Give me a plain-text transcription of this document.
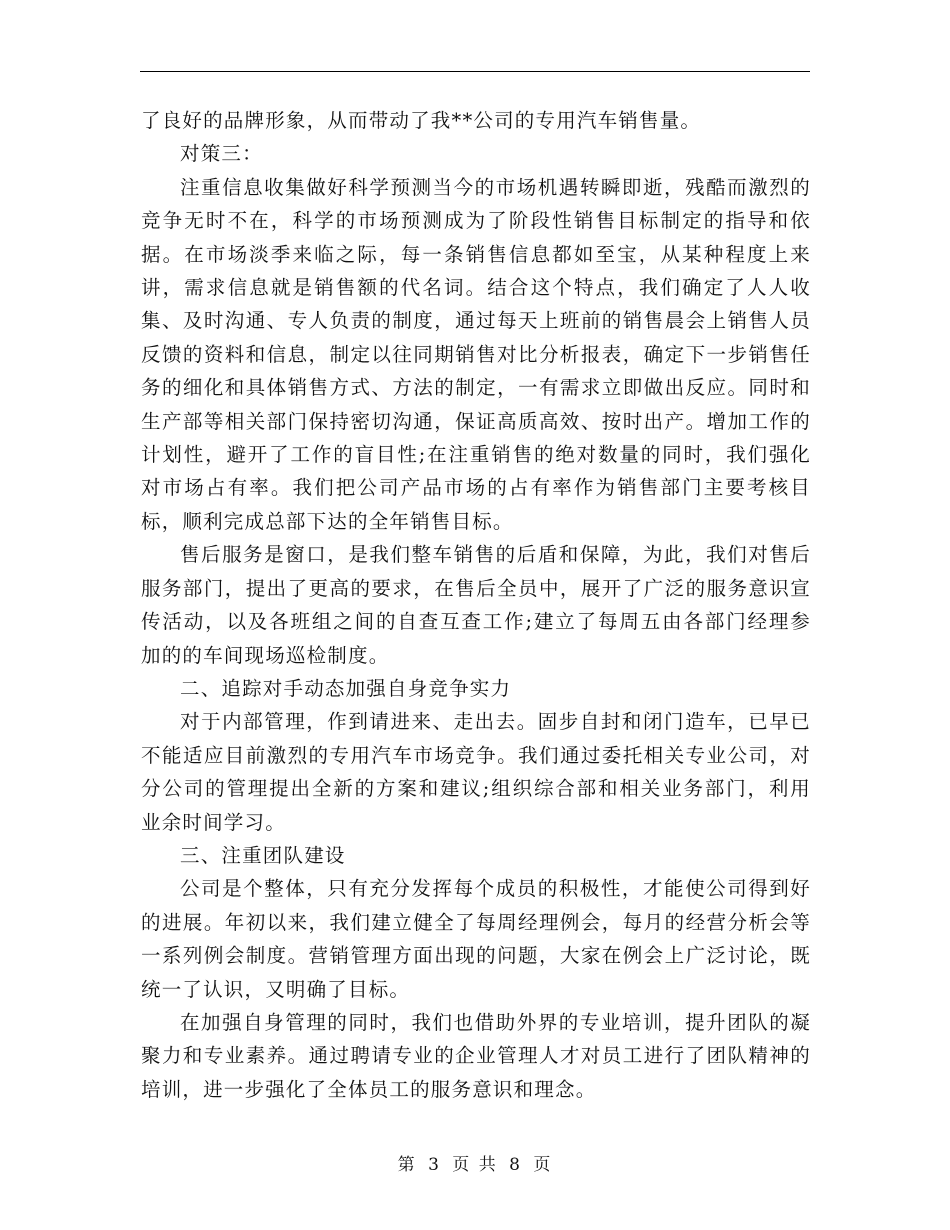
了良好的品牌形象，从而带动了我**公司的专用汽车销售量。

对策三：

注重信息收集做好科学预测当今的市场机遇转瞬即逝，残酷而激烈的竞争无时不在，科学的市场预测成为了阶段性销售目标制定的指导和依据。在市场淡季来临之际，每一条销售信息都如至宝，从某种程度上来讲，需求信息就是销售额的代名词。结合这个特点，我们确定了人人收集、及时沟通、专人负责的制度，通过每天上班前的销售晨会上销售人员反馈的资料和信息，制定以往同期销售对比分析报表，确定下一步销售任务的细化和具体销售方式、方法的制定，一有需求立即做出反应。同时和生产部等相关部门保持密切沟通，保证高质高效、按时出产。增加工作的计划性，避开了工作的盲目性;在注重销售的绝对数量的同时，我们强化对市场占有率。我们把公司产品市场的占有率作为销售部门主要考核目标，顺利完成总部下达的全年销售目标。

售后服务是窗口，是我们整车销售的后盾和保障，为此，我们对售后服务部门，提出了更高的要求，在售后全员中，展开了广泛的服务意识宣传活动，以及各班组之间的自查互查工作;建立了每周五由各部门经理参加的的车间现场巡检制度。

二、追踪对手动态加强自身竞争实力

对于内部管理，作到请进来、走出去。固步自封和闭门造车，已早已不能适应目前激烈的专用汽车市场竞争。我们通过委托相关专业公司，对分公司的管理提出全新的方案和建议;组织综合部和相关业务部门，利用业余时间学习。

三、注重团队建设

公司是个整体，只有充分发挥每个成员的积极性，才能使公司得到好的进展。年初以来，我们建立健全了每周经理例会，每月的经营分析会等一系列例会制度。营销管理方面出现的问题，大家在例会上广泛讨论，既统一了认识，又明确了目标。

在加强自身管理的同时，我们也借助外界的专业培训，提升团队的凝聚力和专业素养。通过聘请专业的企业管理人才对员工进行了团队精神的培训，进一步强化了全体员工的服务意识和理念。

第 3 页 共 8 页
